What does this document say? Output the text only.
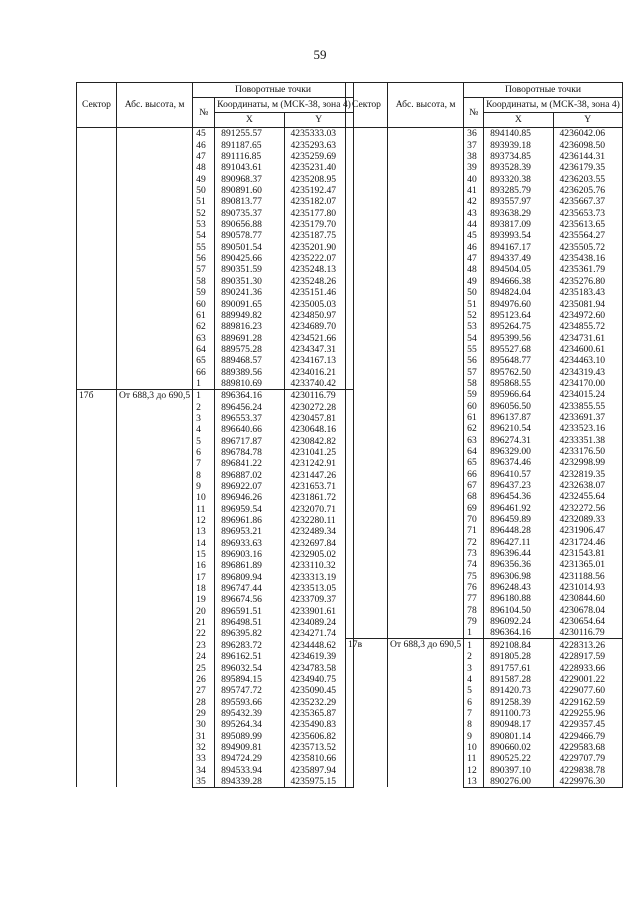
59
Сектор	Абс. высота, м	Поворотные точки		
		№	Координаты, м (МСК-38, зона 4)	
			X	Y
		45	891255.57	4235333.03
		46	891187.65	4235293.63
		47	891116.85	4235259.69
		48	891043.61	4235231.40
		49	890968.37	4235208.95
		50	890891.60	4235192.47
		51	890813.77	4235182.07
		52	890735.37	4235177.80
		53	890656.88	4235179.70
		54	890578.77	4235187.75
		55	890501.54	4235201.90
		56	890425.66	4235222.07
		57	890351.59	4235248.13
		58	890351.30	4235248.26
		59	890241.36	4235151.46
		60	890091.65	4235005.03
		61	889949.82	4234850.97
		62	889816.23	4234689.70
		63	889691.28	4234521.66
		64	889575.28	4234347.31
		65	889468.57	4234167.13
		66	889389.56	4234016.21
		1	889810.69	4233740.42
17б	От 688,3 до 690,5	1	896364.16	4230116.79
		2	896456.24	4230272.28
		3	896553.37	4230457.81
		4	896640.66	4230648.16
		5	896717.87	4230842.82
		6	896784.78	4231041.25
		7	896841.22	4231242.91
		8	896887.02	4231447.26
		9	896922.07	4231653.71
		10	896946.26	4231861.72
		11	896959.54	4232070.71
		12	896961.86	4232280.11
		13	896953.21	4232489.34
		14	896933.63	4232697.84
		15	896903.16	4232905.02
		16	896861.89	4233110.32
		17	896809.94	4233313.19
		18	896747.44	4233513.05
		19	896674.56	4233709.37
		20	896591.51	4233901.61
		21	896498.51	4234089.24
		22	896395.82	4234271.74
		23	896283.72	4234448.62
		24	896162.51	4234619.39
		25	896032.54	4234783.58
		26	895894.15	4234940.75
		27	895747.72	4235090.45
		28	895593.66	4235232.29
		29	895432.39	4235365.87
		30	895264.34	4235490.83
		31	895089.99	4235606.82
		32	894909.81	4235713.52
		33	894724.29	4235810.66
		34	894533.94	4235897.94
		35	894339.28	4235975.15
Сектор	Абс. высота, м	Поворотные точки		
		№	Координаты, м (МСК-38, зона 4)	
			X	Y
		36	894140.85	4236042.06
		37	893939.18	4236098.50
		38	893734.85	4236144.31
		39	893528.39	4236179.35
		40	893320.38	4236203.55
		41	893285.79	4236205.76
		42	893557.97	4235667.37
		43	893638.29	4235653.73
		44	893817.09	4235613.65
		45	893993.54	4235564.27
		46	894167.17	4235505.72
		47	894337.49	4235438.16
		48	894504.05	4235361.79
		49	894666.38	4235276.80
		50	894824.04	4235183.43
		51	894976.60	4235081.94
		52	895123.64	4234972.60
		53	895264.75	4234855.72
		54	895399.56	4234731.61
		55	895527.68	4234600.61
		56	895648.77	4234463.10
		57	895762.50	4234319.43
		58	895868.55	4234170.00
		59	895966.64	4234015.24
		60	896056.50	4233855.55
		61	896137.87	4233691.37
		62	896210.54	4233523.16
		63	896274.31	4233351.38
		64	896329.00	4233176.50
		65	896374.46	4232998.99
		66	896410.57	4232819.35
		67	896437.23	4232638.07
		68	896454.36	4232455.64
		69	896461.92	4232272.56
		70	896459.89	4232089.33
		71	896448.28	4231906.47
		72	896427.11	4231724.46
		73	896396.44	4231543.81
		74	896356.36	4231365.01
		75	896306.98	4231188.56
		76	896248.43	4231014.93
		77	896180.88	4230844.60
		78	896104.50	4230678.04
		79	896092.24	4230654.64
		1	896364.16	4230116.79
17в	От 688,3 до 690,5	1	892108.84	4228313.26
		2	891805.28	4228917.59
		3	891757.61	4228933.66
		4	891587.28	4229001.22
		5	891420.73	4229077.60
		6	891258.39	4229162.59
		7	891100.73	4229255.96
		8	890948.17	4229357.45
		9	890801.14	4229466.79
		10	890660.02	4229583.68
		11	890525.22	4229707.79
		12	890397.10	4229838.78
		13	890276.00	4229976.30
